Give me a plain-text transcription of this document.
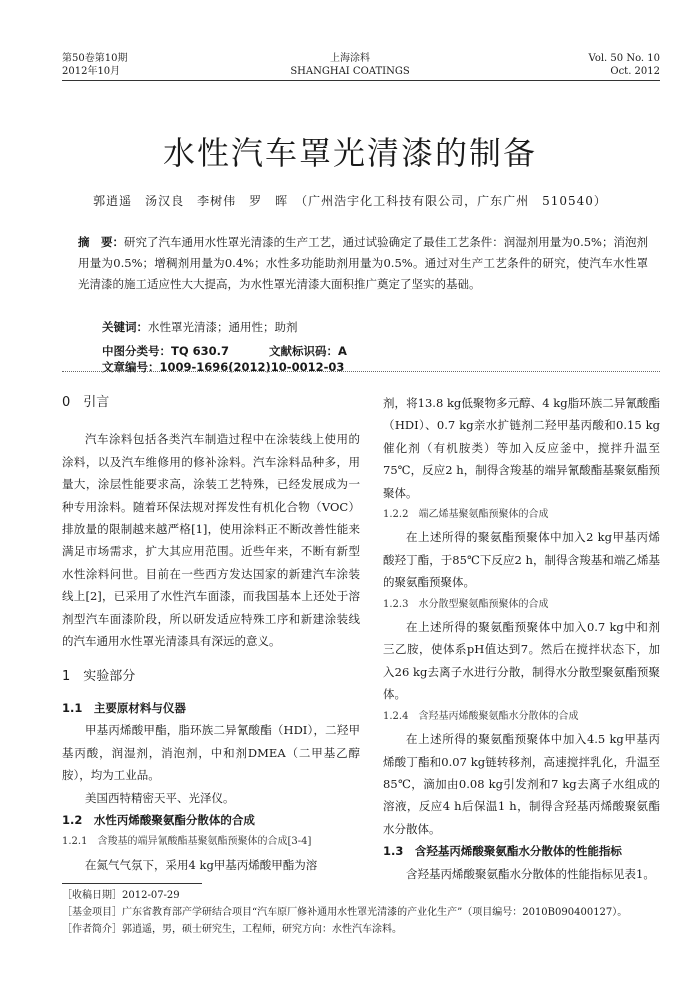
第50卷第10期
2012年10月
上海涂料
SHANGHAI COATINGS
Vol. 50 No. 10
Oct. 2012
水性汽车罩光清漆的制备
郭逍遥　汤汉良　李树伟　罗　晖　（广州浩宇化工科技有限公司，广东广州　510540）
摘　要：研究了汽车通用水性罩光清漆的生产工艺，通过试验确定了最佳工艺条件：润湿剂用量为0.5%；消泡剂用量为0.5%；增稠剂用量为0.4%；水性多功能助剂用量为0.5%。通过对生产工艺条件的研究，使汽车水性罩光清漆的施工适应性大大提高，为水性罩光清漆大面积推广奠定了坚实的基础。
关键词：水性罩光清漆；通用性；助剂
中图分类号：TQ 630.7	文献标识码：A 文章编号：1009-1696(2012)10-0012-03

0　引言

汽车涂料包括各类汽车制造过程中在涂装线上使用的涂料，以及汽车维修用的修补涂料。汽车涂料品种多，用量大，涂层性能要求高，涂装工艺特殊，已经发展成为一种专用涂料。随着环保法规对挥发性有机化合物（VOC）排放量的限制越来越严格[1]，使用涂料正不断改善性能来满足市场需求，扩大其应用范围。近些年来，不断有新型水性涂料问世。目前在一些西方发达国家的新建汽车涂装线上[2]，已采用了水性汽车面漆，而我国基本上还处于溶剂型汽车面漆阶段，所以研发适应特殊工序和新建涂装线的汽车通用水性罩光清漆具有深远的意义。

1　实验部分

1.1　主要原材料与仪器

甲基丙烯酸甲酯，脂环族二异氰酸酯（HDI），二羟甲基丙酸，润湿剂，消泡剂，中和剂DMEA（二甲基乙醇胺），均为工业品。

美国西特精密天平、光泽仪。

1.2　水性丙烯酸聚氨酯分散体的合成

1.2.1　含羧基的端异氰酸酯基聚氨酯预聚体的合成[3-4]

在氮气气氛下，采用4 kg甲基丙烯酸甲酯为溶

剂，将13.8 kg低聚物多元醇、4 kg脂环族二异氰酸酯（HDI）、0.7 kg亲水扩链剂二羟甲基丙酸和0.15 kg催化剂（有机胺类）等加入反应釜中，搅拌升温至75℃，反应2 h，制得含羧基的端异氰酸酯基聚氨酯预聚体。

1.2.2　端乙烯基聚氨酯预聚体的合成

在上述所得的聚氨酯预聚体中加入2 kg甲基丙烯酸羟丁酯，于85℃下反应2 h，制得含羧基和端乙烯基的聚氨酯预聚体。

1.2.3　水分散型聚氨酯预聚体的合成

在上述所得的聚氨酯预聚体中加入0.7 kg中和剂三乙胺，使体系pH值达到7。然后在搅拌状态下，加入26 kg去离子水进行分散，制得水分散型聚氨酯预聚体。

1.2.4　含羟基丙烯酸聚氨酯水分散体的合成

在上述所得的聚氨酯预聚体中加入4.5 kg甲基丙烯酸丁酯和0.07 kg链转移剂，高速搅拌乳化，升温至85℃，滴加由0.08 kg引发剂和7 kg去离子水组成的溶液，反应4 h后保温1 h，制得含羟基丙烯酸聚氨酯水分散体。

1.3　含羟基丙烯酸聚氨酯水分散体的性能指标

含羟基丙烯酸聚氨酯水分散体的性能指标见表1。

［收稿日期］2012-07-29
［基金项目］广东省教育部产学研结合项目“汽车原厂修补通用水性罩光清漆的产业化生产”（项目编号：2010B090400127）。
［作者简介］郭逍遥，男，硕士研究生，工程师，研究方向：水性汽车涂料。
